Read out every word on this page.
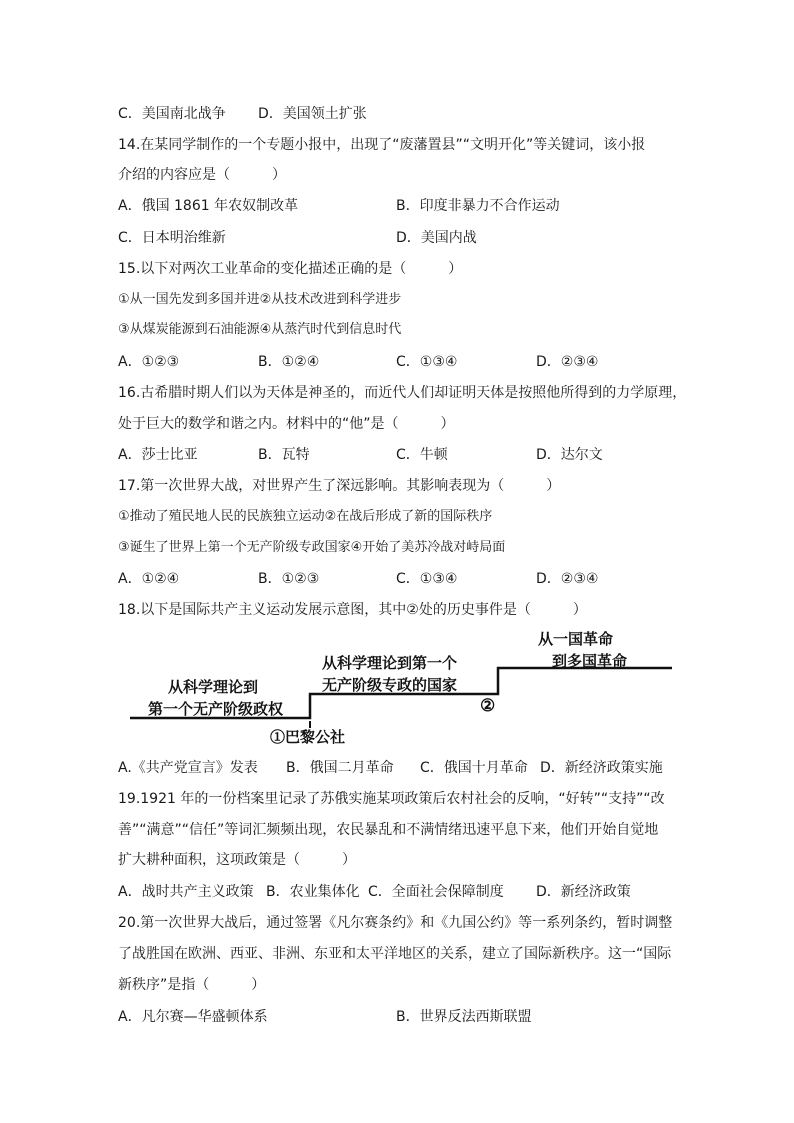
C．美国南北战争 D．美国领土扩张
14.在某同学制作的一个专题小报中，出现了“废藩置县”“文明开化”等关键词，该小报
介绍的内容应是（　　　）
A．俄国 1861 年农奴制改革	B．印度非暴力不合作运动
C．日本明治维新	D．美国内战
15.以下对两次工业革命的变化描述正确的是（　　　）
①从一国先发到多国并进②从技术改进到科学进步
③从煤炭能源到石油能源④从蒸汽时代到信息时代
A．①②③	B．①②④	C．①③④	D．②③④
16.古希腊时期人们以为天体是神圣的，而近代人们却证明天体是按照他所得到的力学原理，
处于巨大的数学和谐之内。材料中的“他”是（　　　）
A．莎士比亚	B．瓦特	C．牛顿	D．达尔文
17.第一次世界大战，对世界产生了深远影响。其影响表现为（　　　）
①推动了殖民地人民的民族独立运动②在战后形成了新的国际秩序
③诞生了世界上第一个无产阶级专政国家④开始了美苏冷战对峙局面
A．①②④	B．①②③	C．①③④	D．②③④
18.以下是国际共产主义运动发展示意图，其中②处的历史事件是（　　　）
从科学理论到
第一个无产阶级政权
从科学理论到第一个
无产阶级专政的国家
从一国革命
到多国革命
②
①巴黎公社
A.《共产党宣言》发表 B．俄国二月革命 C．俄国十月革命 D．新经济政策实施
19.1921 年的一份档案里记录了苏俄实施某项政策后农村社会的反响，“好转”“支持”“改
善”“满意”“信任”等词汇频频出现，农民暴乱和不满情绪迅速平息下来，他们开始自觉地
扩大耕种面积，这项政策是（　　　）
A．战时共产主义政策 B．农业集体化 C．全面社会保障制度 D．新经济政策
20.第一次世界大战后，通过签署《凡尔赛条约》和《九国公约》等一系列条约，暂时调整
了战胜国在欧洲、西亚、非洲、东亚和太平洋地区的关系，建立了国际新秩序。这一“国际
新秩序”是指（　　　）
A．凡尔赛—华盛顿体系	B．世界反法西斯联盟
